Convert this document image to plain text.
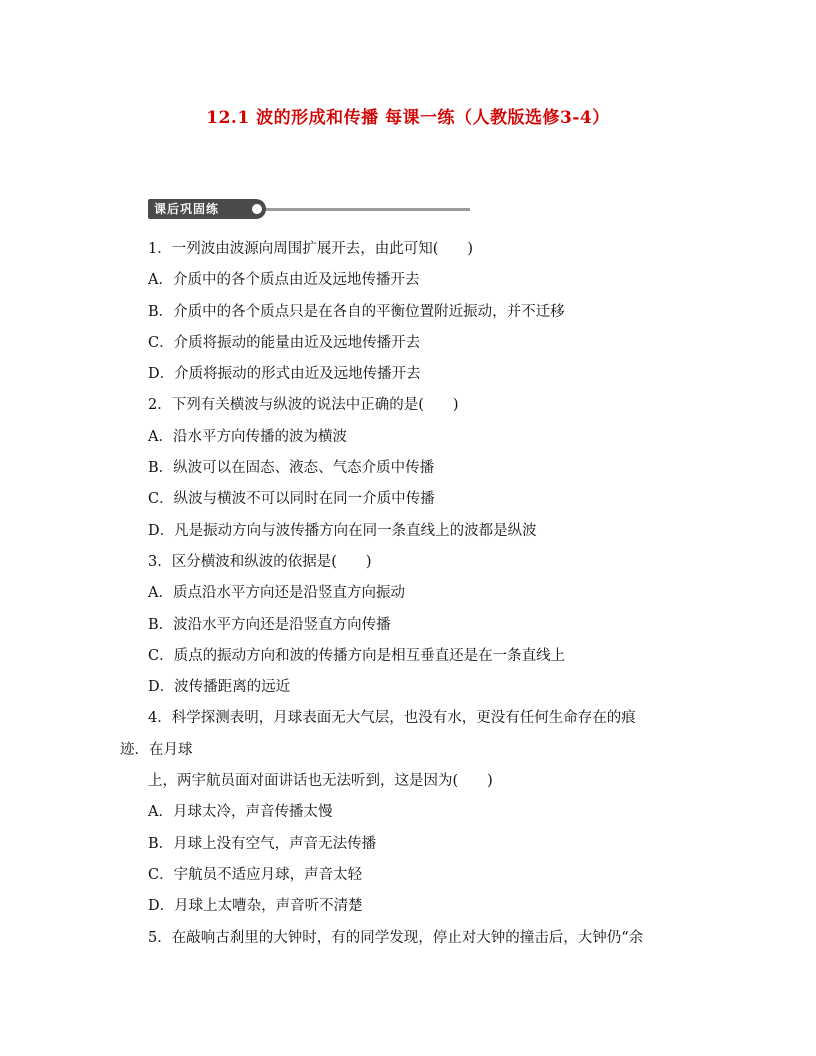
12.1 波的形成和传播 每课一练（人教版选修3-4）
课后巩固练
1．一列波由波源向周围扩展开去，由此可知(　　)
A．介质中的各个质点由近及远地传播开去
B．介质中的各个质点只是在各自的平衡位置附近振动，并不迁移
C．介质将振动的能量由近及远地传播开去
D．介质将振动的形式由近及远地传播开去
2．下列有关横波与纵波的说法中正确的是(　　)
A．沿水平方向传播的波为横波
B．纵波可以在固态、液态、气态介质中传播
C．纵波与横波不可以同时在同一介质中传播
D．凡是振动方向与波传播方向在同一条直线上的波都是纵波
3．区分横波和纵波的依据是(　　)
A．质点沿水平方向还是沿竖直方向振动
B．波沿水平方向还是沿竖直方向传播
C．质点的振动方向和波的传播方向是相互垂直还是在一条直线上
D．波传播距离的远近
4．科学探测表明，月球表面无大气层，也没有水，更没有任何生命存在的痕
迹．在月球
上，两宇航员面对面讲话也无法听到，这是因为(　　)
A．月球太冷，声音传播太慢
B．月球上没有空气，声音无法传播
C．宇航员不适应月球，声音太轻
D．月球上太嘈杂，声音听不清楚
5．在敲响古刹里的大钟时，有的同学发现，停止对大钟的撞击后，大钟仍“余
